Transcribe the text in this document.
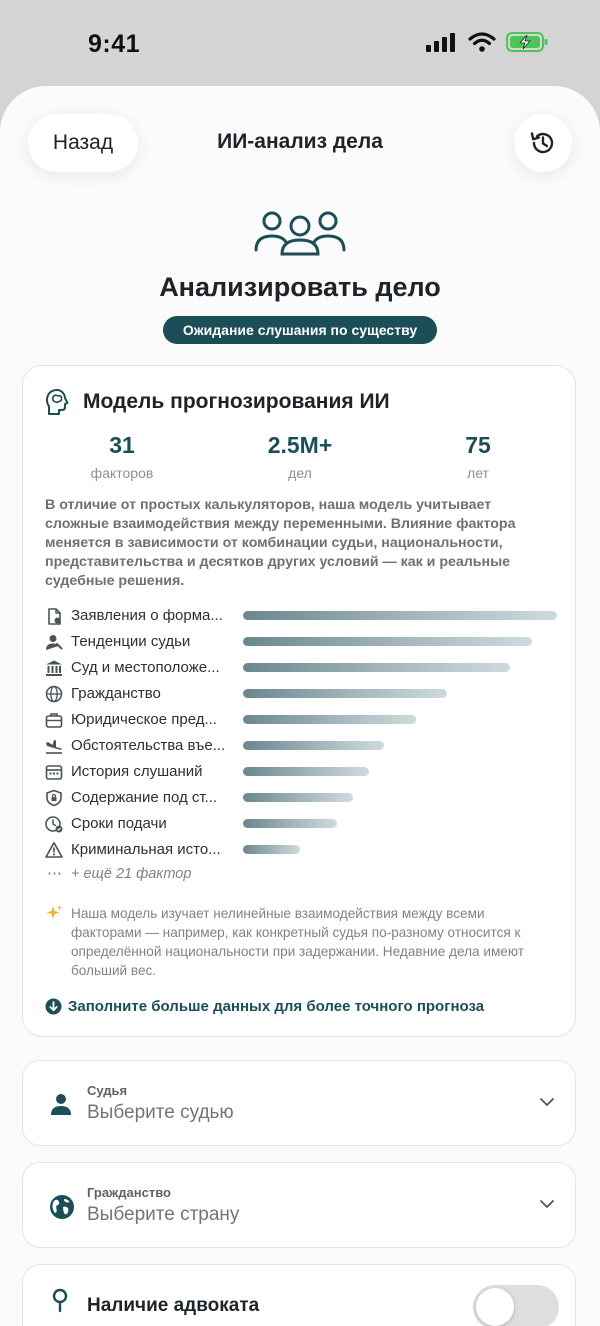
9:41
Назад	ИИ-анализ дела
Анализировать дело
Ожидание слушания по существу
Модель прогнозирования ИИ
31
факторов
2.5M+
дел
75
лет
В отличие от простых калькуляторов, наша модель учитывает сложные взаимодействия между переменными. Влияние фактора меняется в зависимости от комбинации судьи, национальности, представительства и десятков других условий — как и реальные судебные решения.
Заявления о форма...
Тенденции судьи
Суд и местоположе...
Гражданство
Юридическое пред...
Обстоятельства въе...
История слушаний
Содержание под ст...
Сроки подачи
Криминальная исто...
⋯ + ещё 21 фактор
Наша модель изучает нелинейные взаимодействия между всеми факторами — например, как конкретный судья по-разному относится к определённой национальности при задержании. Недавние дела имеют больший вес.
Заполните больше данных для более точного прогноза
Судья
Выберите судью
Гражданство
Выберите страну
Наличие адвоката
